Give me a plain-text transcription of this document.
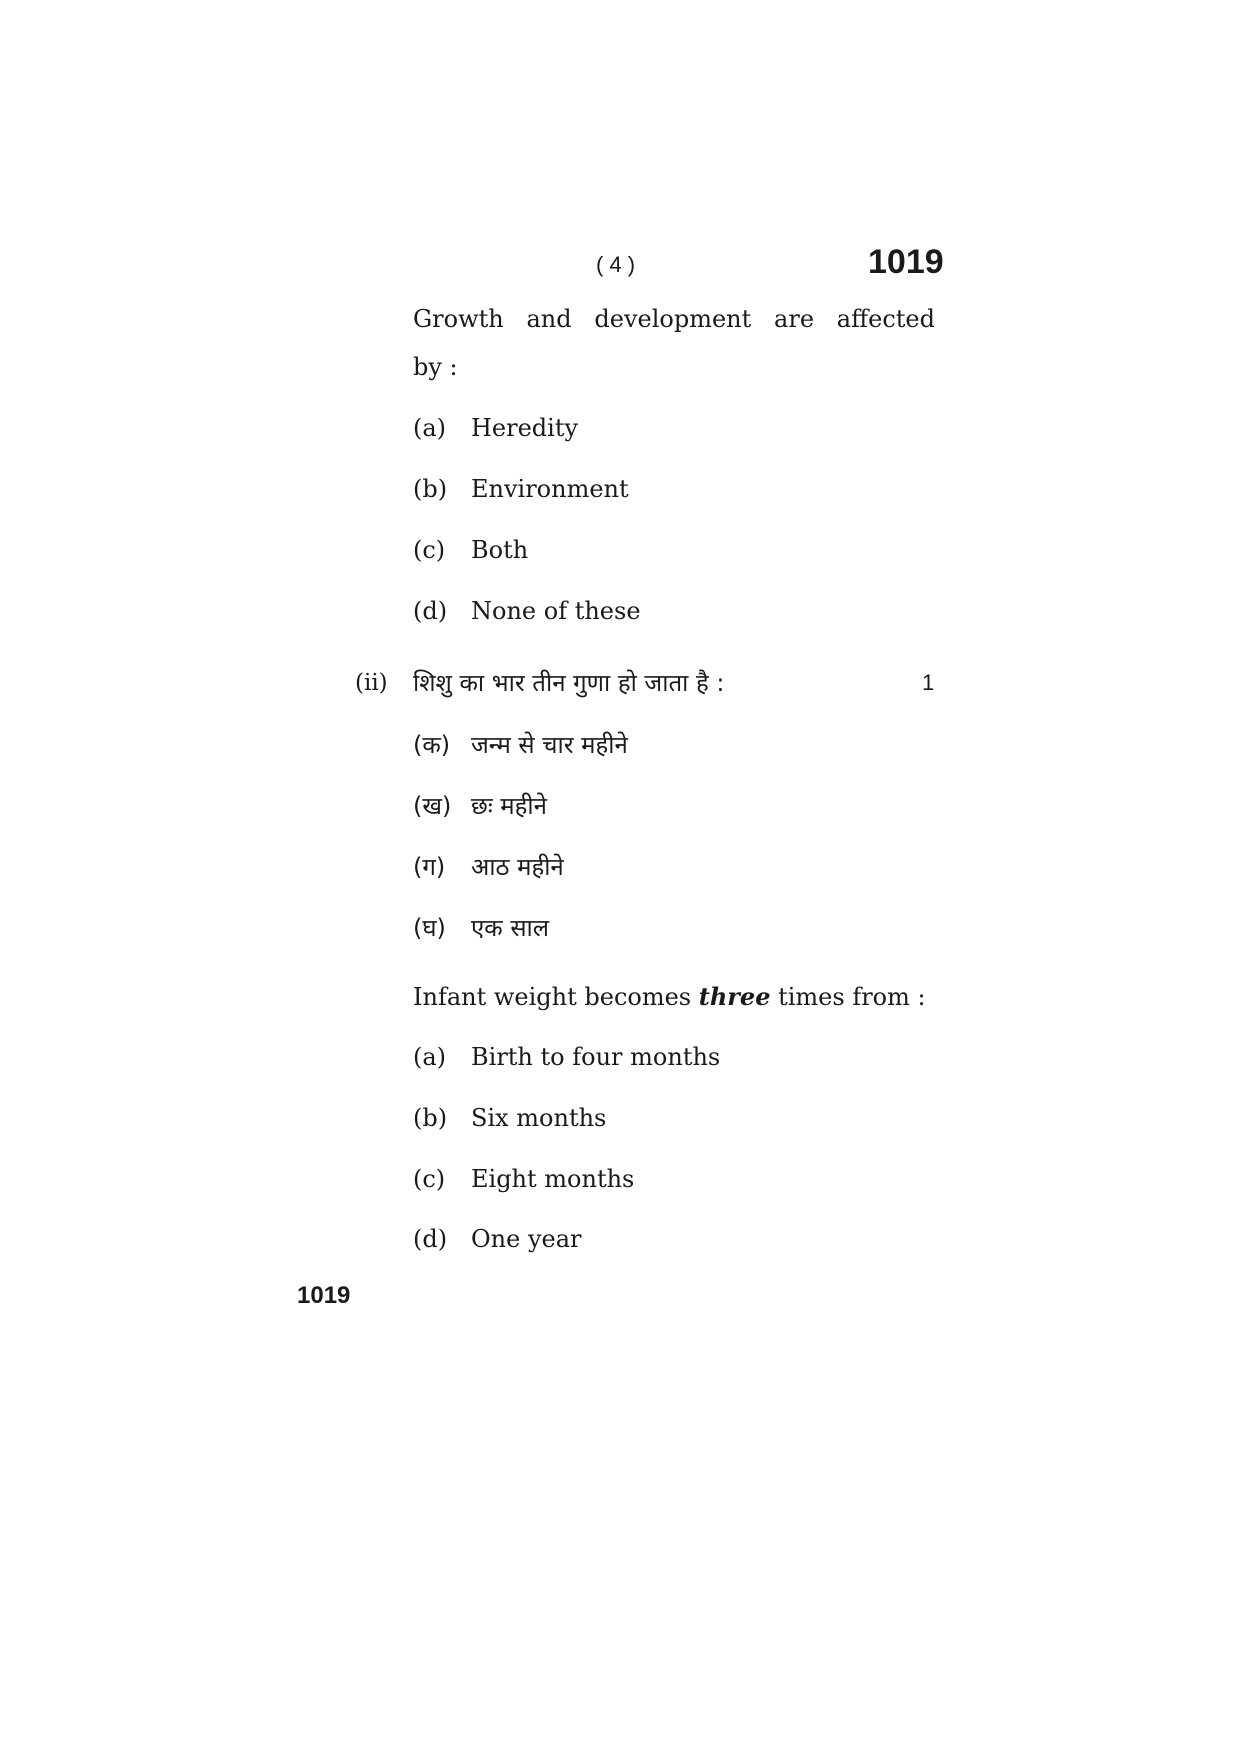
( 4 )	1019
Growth and development are affected
by :
(a) Heredity
(b) Environment
(c) Both
(d) None of these
(ii) शिशु का भार तीन गुणा हो जाता है :	1
(क) जन्म से चार महीने
(ख) छः महीने
(ग) आठ महीने
(घ) एक साल
Infant weight becomes three times from :
(a) Birth to four months
(b) Six months
(c) Eight months
(d) One year
1019
